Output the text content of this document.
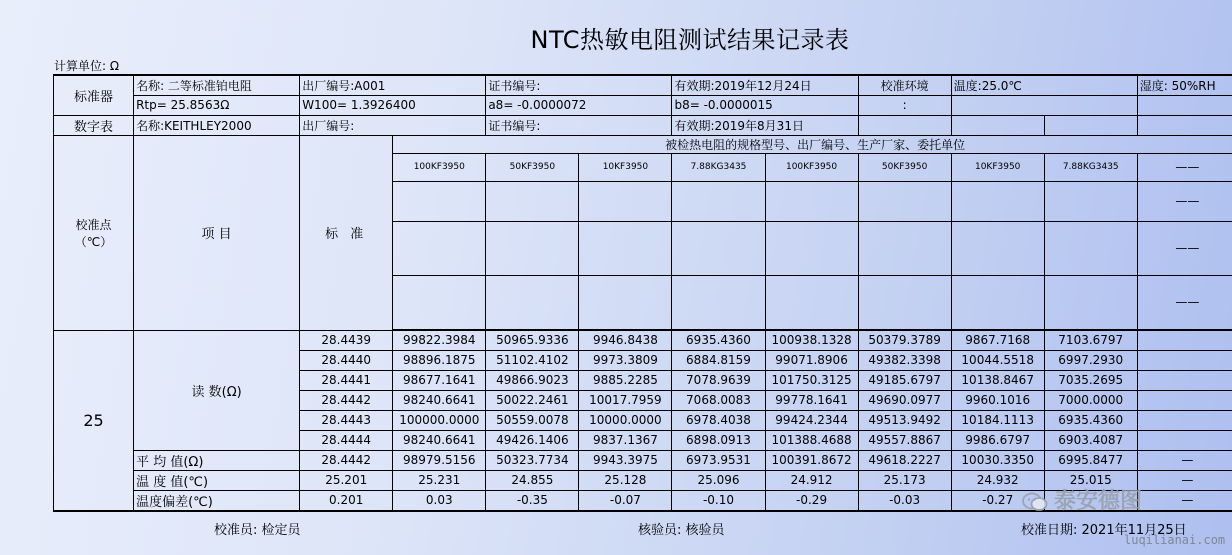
NTC热敏电阻测试结果记录表
计算单位: Ω
标准器	名称: 二等标准铂电阻	出厂编号:A001		证书编号:		有效期:2019年12月24日		校准环境	温度:25.0℃		湿度: 50%RH	
	Rtp= 25.8563Ω	W100= 1.3926400		a8= -0.0000072		b8= -0.0000015		:				
数字表	名称:KEITHLEY2000	出厂编号:		证书编号:		有效期:2019年8月31日						
校准点
（℃）	项 目	标 准	被检热电阻的规格型号、出厂编号、生产厂家、委托单位									
			100KF3950	50KF3950	10KF3950	7.88KG3435	100KF3950	50KF3950	10KF3950	7.88KG3435	——	
											——	
											——	
											——	

25	读 数(Ω)	28.4439	99822.3984	50965.9336	9946.8438	6935.4360	100938.1328	50379.3789	9867.7168	7103.6797		
		28.4440	98896.1875	51102.4102	9973.3809	6884.8159	99071.8906	49382.3398	10044.5518	6997.2930		
		28.4441	98677.1641	49866.9023	9885.2285	7078.9639	101750.3125	49185.6797	10138.8467	7035.2695		
		28.4442	98240.6641	50022.2461	10017.7959	7068.0083	99778.1641	49690.0977	9960.1016	7000.0000		
		28.4443	100000.0000	50559.0078	10000.0000	6978.4038	99424.2344	49513.9492	10184.1113	6935.4360		
		28.4444	98240.6641	49426.1406	9837.1367	6898.0913	101388.4688	49557.8867	9986.6797	6903.4087		
	平 均 值(Ω)	28.4442	98979.5156	50323.7734	9943.3975	6973.9531	100391.8672	49618.2227	10030.3350	6995.8477	—	
	温 度 值(℃)	25.201	25.231	24.855	25.128	25.096	24.912	25.173	24.932	25.015	—	
	温度偏差(℃)	0.201	0.03	-0.35	-0.07	-0.10	-0.29	-0.03	-0.27		—	
校准员: 检定员	核验员: 核验员	校准日期: 2021年11月25日
泰安德图
luqilianai.com
